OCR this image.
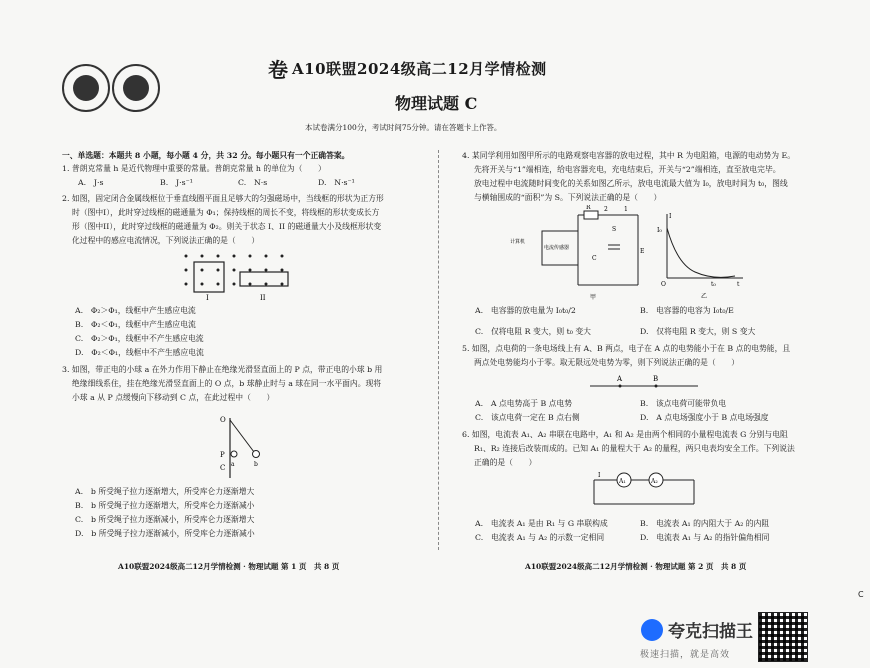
卷 A10联盟2024级高二12月学情检测
物理试题 C
本试卷满分100分，考试时间75分钟。请在答题卡上作答。
一、单选题：本题共 8 小题，每小题 4 分，共 32 分。每小题只有一个正确答案。
1. 普朗克常量 h 是近代物理中重要的常量。普朗克常量 h 的单位为（　　）
A.　J·s	B.　J·s⁻¹	C.　N·s	D.　N·s⁻¹
2. 如图，固定闭合金属线框位于垂直线圈平面且足够大的匀强磁场中，当线框的形状为正方形
时（图中I），此时穿过线框的磁通量为 Φ₁；保持线框的周长不变，将线框的形状变成长方
形（图中II），此时穿过线框的磁通量为 Φ₂。则关于状态 I、II 的磁通量大小及线框形状变
化过程中的感应电流情况，下列说法正确的是（　　）
I	II
A.　Φ₂＞Φ₁，线框中产生感应电流
B.　Φ₂＜Φ₁，线框中产生感应电流
C.　Φ₂＞Φ₁，线框中不产生感应电流
D.　Φ₂＜Φ₁，线框中不产生感应电流
3. 如图，带正电的小球 a 在外力作用下静止在绝缘光滑竖直面上的 P 点，带正电的小球 b 用
绝缘细线系住，挂在绝缘光滑竖直面上的 O 点，b 球静止时与 a 球在同一水平面内。现将
小球 a 从 P 点缓慢向下移动到 C 点，在此过程中（　　）
O
P
C a	b
A.　b 所受绳子拉力逐渐增大，所受库仑力逐渐增大
B.　b 所受绳子拉力逐渐增大，所受库仑力逐渐减小
C.　b 所受绳子拉力逐渐减小，所受库仑力逐渐增大
D.　b 所受绳子拉力逐渐减小，所受库仑力逐渐减小
A10联盟2024级高二12月学情检测 · 物理试题 第 1 页　共 8 页
4. 某同学利用如图甲所示的电路观察电容器的放电过程，其中 R 为电阻箱，电源的电动势为 E。
先将开关与“1”端相连，给电容器充电，充电结束后，开关与“2”端相连，直至放电完毕。
放电过程中电流随时间变化的关系如图乙所示，放电电流最大值为 I₀，放电时间为 t₀，图线
与横轴围成的“面积”为 S。下列说法正确的是（　　）
R 2	1
S
C
E
计算机
电流传感器
甲
I
I₀
O	t₀	t
乙
A.　电容器的放电量为 I₀t₀/2	B.　电容器的电容为 I₀t₀/E
C.　仅将电阻 R 变大，则 t₀ 变大	D.　仅将电阻 R 变大，则 S 变大
5. 如图，点电荷的一条电场线上有 A、B 两点，电子在 A 点的电势能小于在 B 点的电势能，且
两点处电势能均小于零。取无限远处电势为零，则下列说法正确的是（　　）
A	B
A.　A 点电势高于 B 点电势	B.　该点电荷可能带负电
C.　该点电荷一定在 B 点右侧	D.　A 点电场强度小于 B 点电场强度
6. 如图，电流表 A₁、A₂ 串联在电路中，A₁ 和 A₂ 是由两个相同的小量程电流表 G 分别与电阻
R₁、R₂ 连接后改装而成的。已知 A₁ 的量程大于 A₂ 的量程，两只电表均安全工作。下列说法
正确的是（　　）
I
A₁	A₂
A.　电流表 A₁ 是由 R₁ 与 G 串联构成	B.　电流表 A₁ 的内阻大于 A₂ 的内阻
C.　电流表 A₁ 与 A₂ 的示数一定相同	D.　电流表 A₁ 与 A₂ 的指针偏角相同
A10联盟2024级高二12月学情检测 · 物理试题 第 2 页　共 8 页
C
夸克扫描王
极速扫描，就是高效
